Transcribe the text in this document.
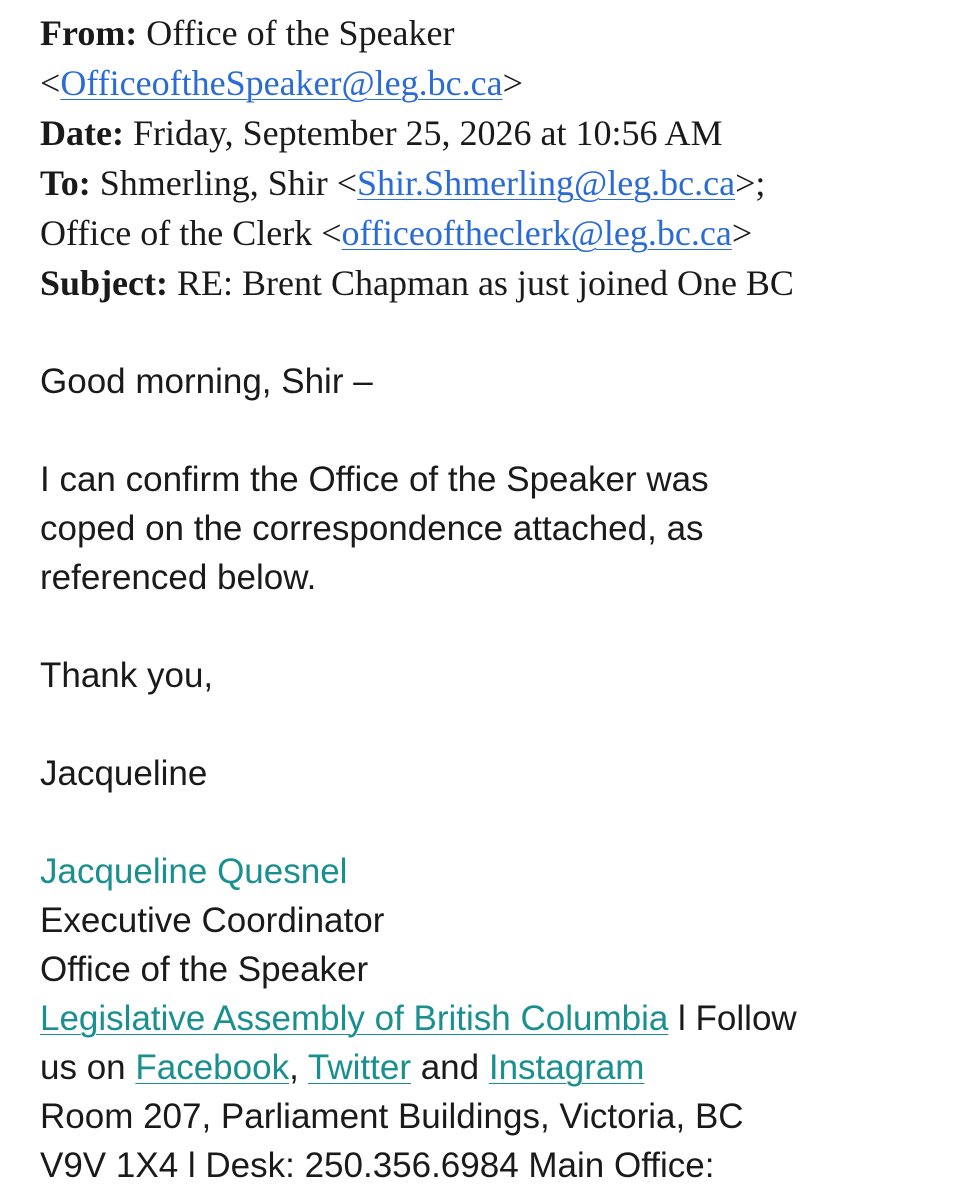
From: Office of the Speaker
<OfficeoftheSpeaker@leg.bc.ca>
Date: Friday, September 25, 2026 at 10:56 AM
To: Shmerling, Shir <Shir.Shmerling@leg.bc.ca>;
Office of the Clerk <officeoftheclerk@leg.bc.ca>
Subject: RE: Brent Chapman as just joined One BC

Good morning, Shir –

I can confirm the Office of the Speaker was

coped on the correspondence attached, as

referenced below.

Thank you,

Jacqueline

Jacqueline Quesnel

Executive Coordinator

Office of the Speaker

Legislative Assembly of British Columbia l Follow

us on Facebook, Twitter and Instagram

Room 207, Parliament Buildings, Victoria, BC

V9V 1X4 l Desk: 250.356.6984 Main Office:
